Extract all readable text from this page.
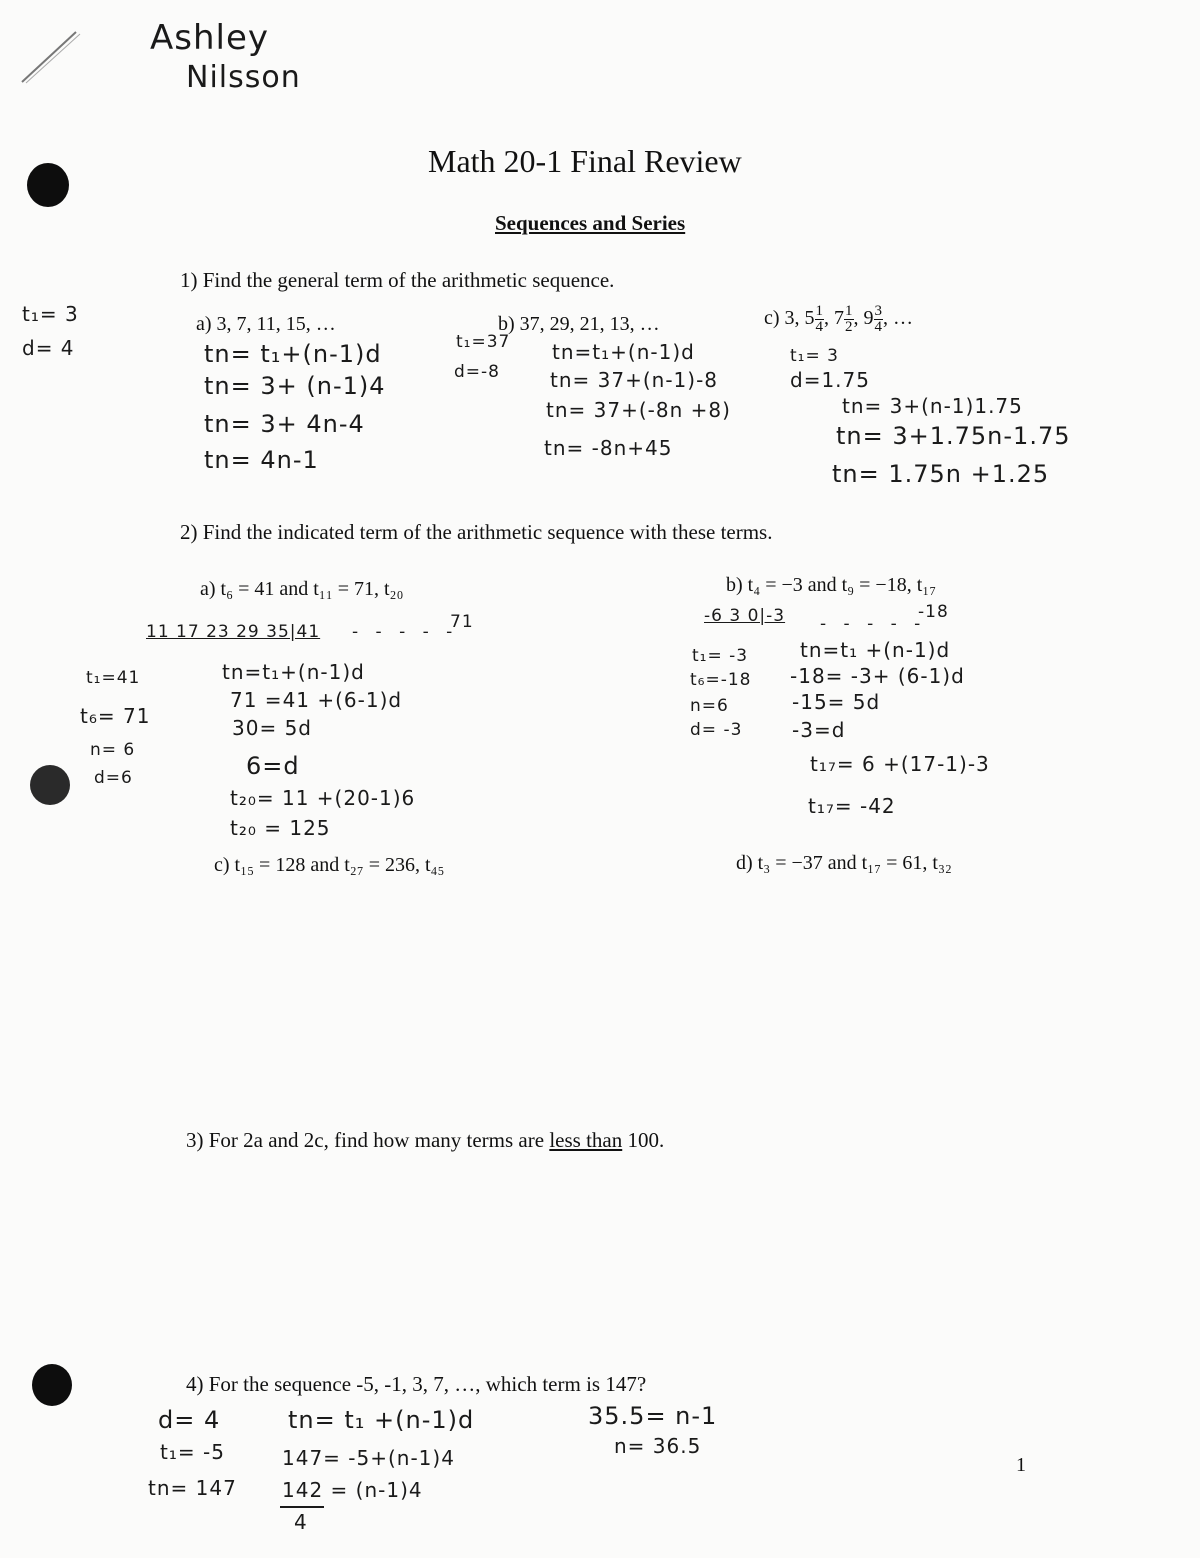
Ashley
Nilsson
Math 20-1 Final Review
Sequences and Series
1) Find the general term of the arithmetic sequence.
t₁= 3
d= 4
a) 3, 7, 11, 15, …
tn= t₁+(n-1)d
tn= 3+ (n-1)4
tn= 3+ 4n-4
tn= 4n-1
b) 37, 29, 21, 13, …
t₁=37
d=-8
tn=t₁+(n-1)d
tn= 37+(n-1)-8
tn= 37+(-8n +8)
tn= -8n+45
c) 3, $5 \frac{1}{4}$ , $7 \frac{1}{2}$ , $9 \frac{3}{4}$ , …
t₁= 3
d=1.75
tn= 3+(n-1)1.75
tn= 3+1.75n-1.75
tn= 1.75n +1.25
2) Find the indicated term of the arithmetic sequence with these terms.
a) t₆ = 41 and t₁₁ = 71, t₂₀
11 17 23 29 35|41 - - - - -
71
t₁=41
t₆= 71
n= 6
d=6
tn=t₁+(n-1)d
71 =41 +(6-1)d
30= 5d
6=d
t₂₀= 11 +(20-1)6
t₂₀ = 125
b) t₄ = −3 and t₉ = −18, t₁₇
-6 3 0|-3 - - - - -
-18
t₁= -3
t₆=-18
n=6
d= -3
tn=t₁ +(n-1)d
-18= -3+ (6-1)d
-15= 5d
-3=d
t₁₇= 6 +(17-1)-3
t₁₇= -42
c) t₁₅ = 128 and t₂₇ = 236, t₄₅	d) t₃ = −37 and t₁₇ = 61, t₃₂
3) For 2a and 2c, find how many terms are less than 100.
4) For the sequence -5, -1, 3, 7, …, which term is 147?
d= 4
t₁= -5
tn= 147
tn= t₁ +(n-1)d
147= -5+(n-1)4
142 = (n-1)4
4
35.5= n-1
n= 36.5
1
